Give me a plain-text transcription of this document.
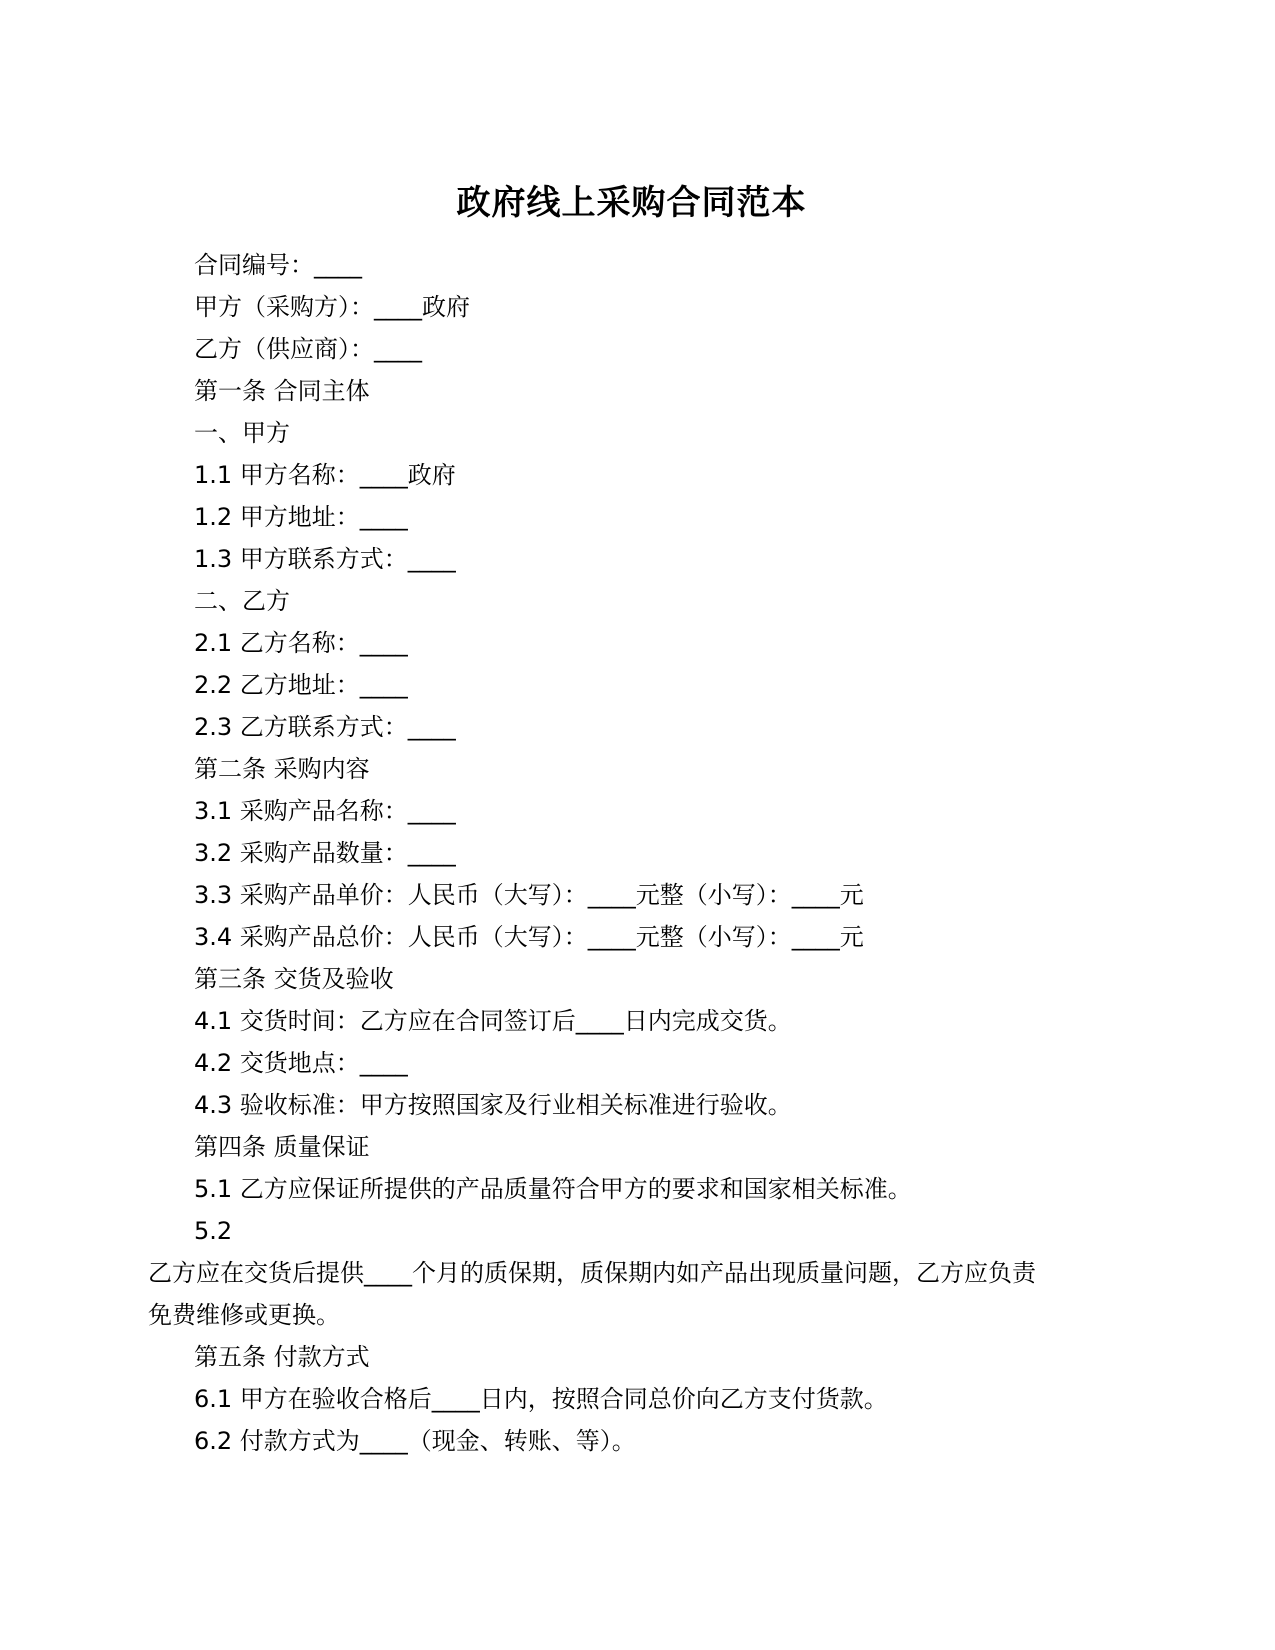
政府线上采购合同范本

合同编号：____

甲方（采购方）：____政府

乙方（供应商）：____

第一条 合同主体

一、甲方

1.1 甲方名称：____政府

1.2 甲方地址：____

1.3 甲方联系方式：____

二、乙方

2.1 乙方名称：____

2.2 乙方地址：____

2.3 乙方联系方式：____

第二条 采购内容

3.1 采购产品名称：____

3.2 采购产品数量：____

3.3 采购产品单价：人民币（大写）：____元整（小写）：____元

3.4 采购产品总价：人民币（大写）：____元整（小写）：____元

第三条 交货及验收

4.1 交货时间：乙方应在合同签订后____日内完成交货。

4.2 交货地点：____

4.3 验收标准：甲方按照国家及行业相关标准进行验收。

第四条 质量保证

5.1 乙方应保证所提供的产品质量符合甲方的要求和国家相关标准。

5.2

乙方应在交货后提供____个月的质保期，质保期内如产品出现质量问题，乙方应负责

免费维修或更换。

第五条 付款方式

6.1 甲方在验收合格后____日内，按照合同总价向乙方支付货款。

6.2 付款方式为____（现金、转账、等）。
